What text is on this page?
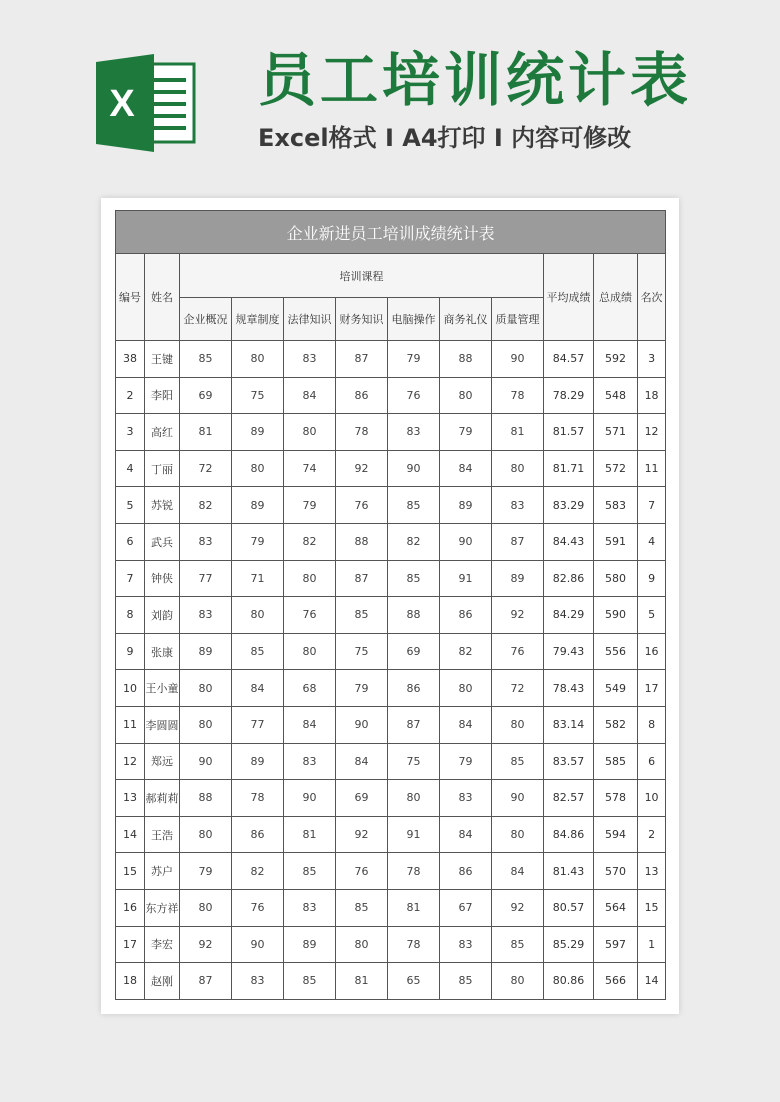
X 员工培训统计表
Excel格式 I A4打印 I 内容可修改
企业新进员工培训成绩统计表											
编号	姓名	培训课程							平均成绩	总成绩	名次
		企业概况	规章制度	法律知识	财务知识	电脑操作	商务礼仪	质量管理			
38	王键	85	80	83	87	79	88	90	84.57	592	3
2	李阳	69	75	84	86	76	80	78	78.29	548	18
3	高红	81	89	80	78	83	79	81	81.57	571	12
4	丁丽	72	80	74	92	90	84	80	81.71	572	11
5	苏锐	82	89	79	76	85	89	83	83.29	583	7
6	武兵	83	79	82	88	82	90	87	84.43	591	4
7	钟侠	77	71	80	87	85	91	89	82.86	580	9
8	刘韵	83	80	76	85	88	86	92	84.29	590	5
9	张康	89	85	80	75	69	82	76	79.43	556	16
10	王小童	80	84	68	79	86	80	72	78.43	549	17
11	李圆圆	80	77	84	90	87	84	80	83.14	582	8
12	郑远	90	89	83	84	75	79	85	83.57	585	6
13	郝莉莉	88	78	90	69	80	83	90	82.57	578	10
14	王浩	80	86	81	92	91	84	80	84.86	594	2
15	苏户	79	82	85	76	78	86	84	81.43	570	13
16	东方祥	80	76	83	85	81	67	92	80.57	564	15
17	李宏	92	90	89	80	78	83	85	85.29	597	1
18	赵刚	87	83	85	81	65	85	80	80.86	566	14
